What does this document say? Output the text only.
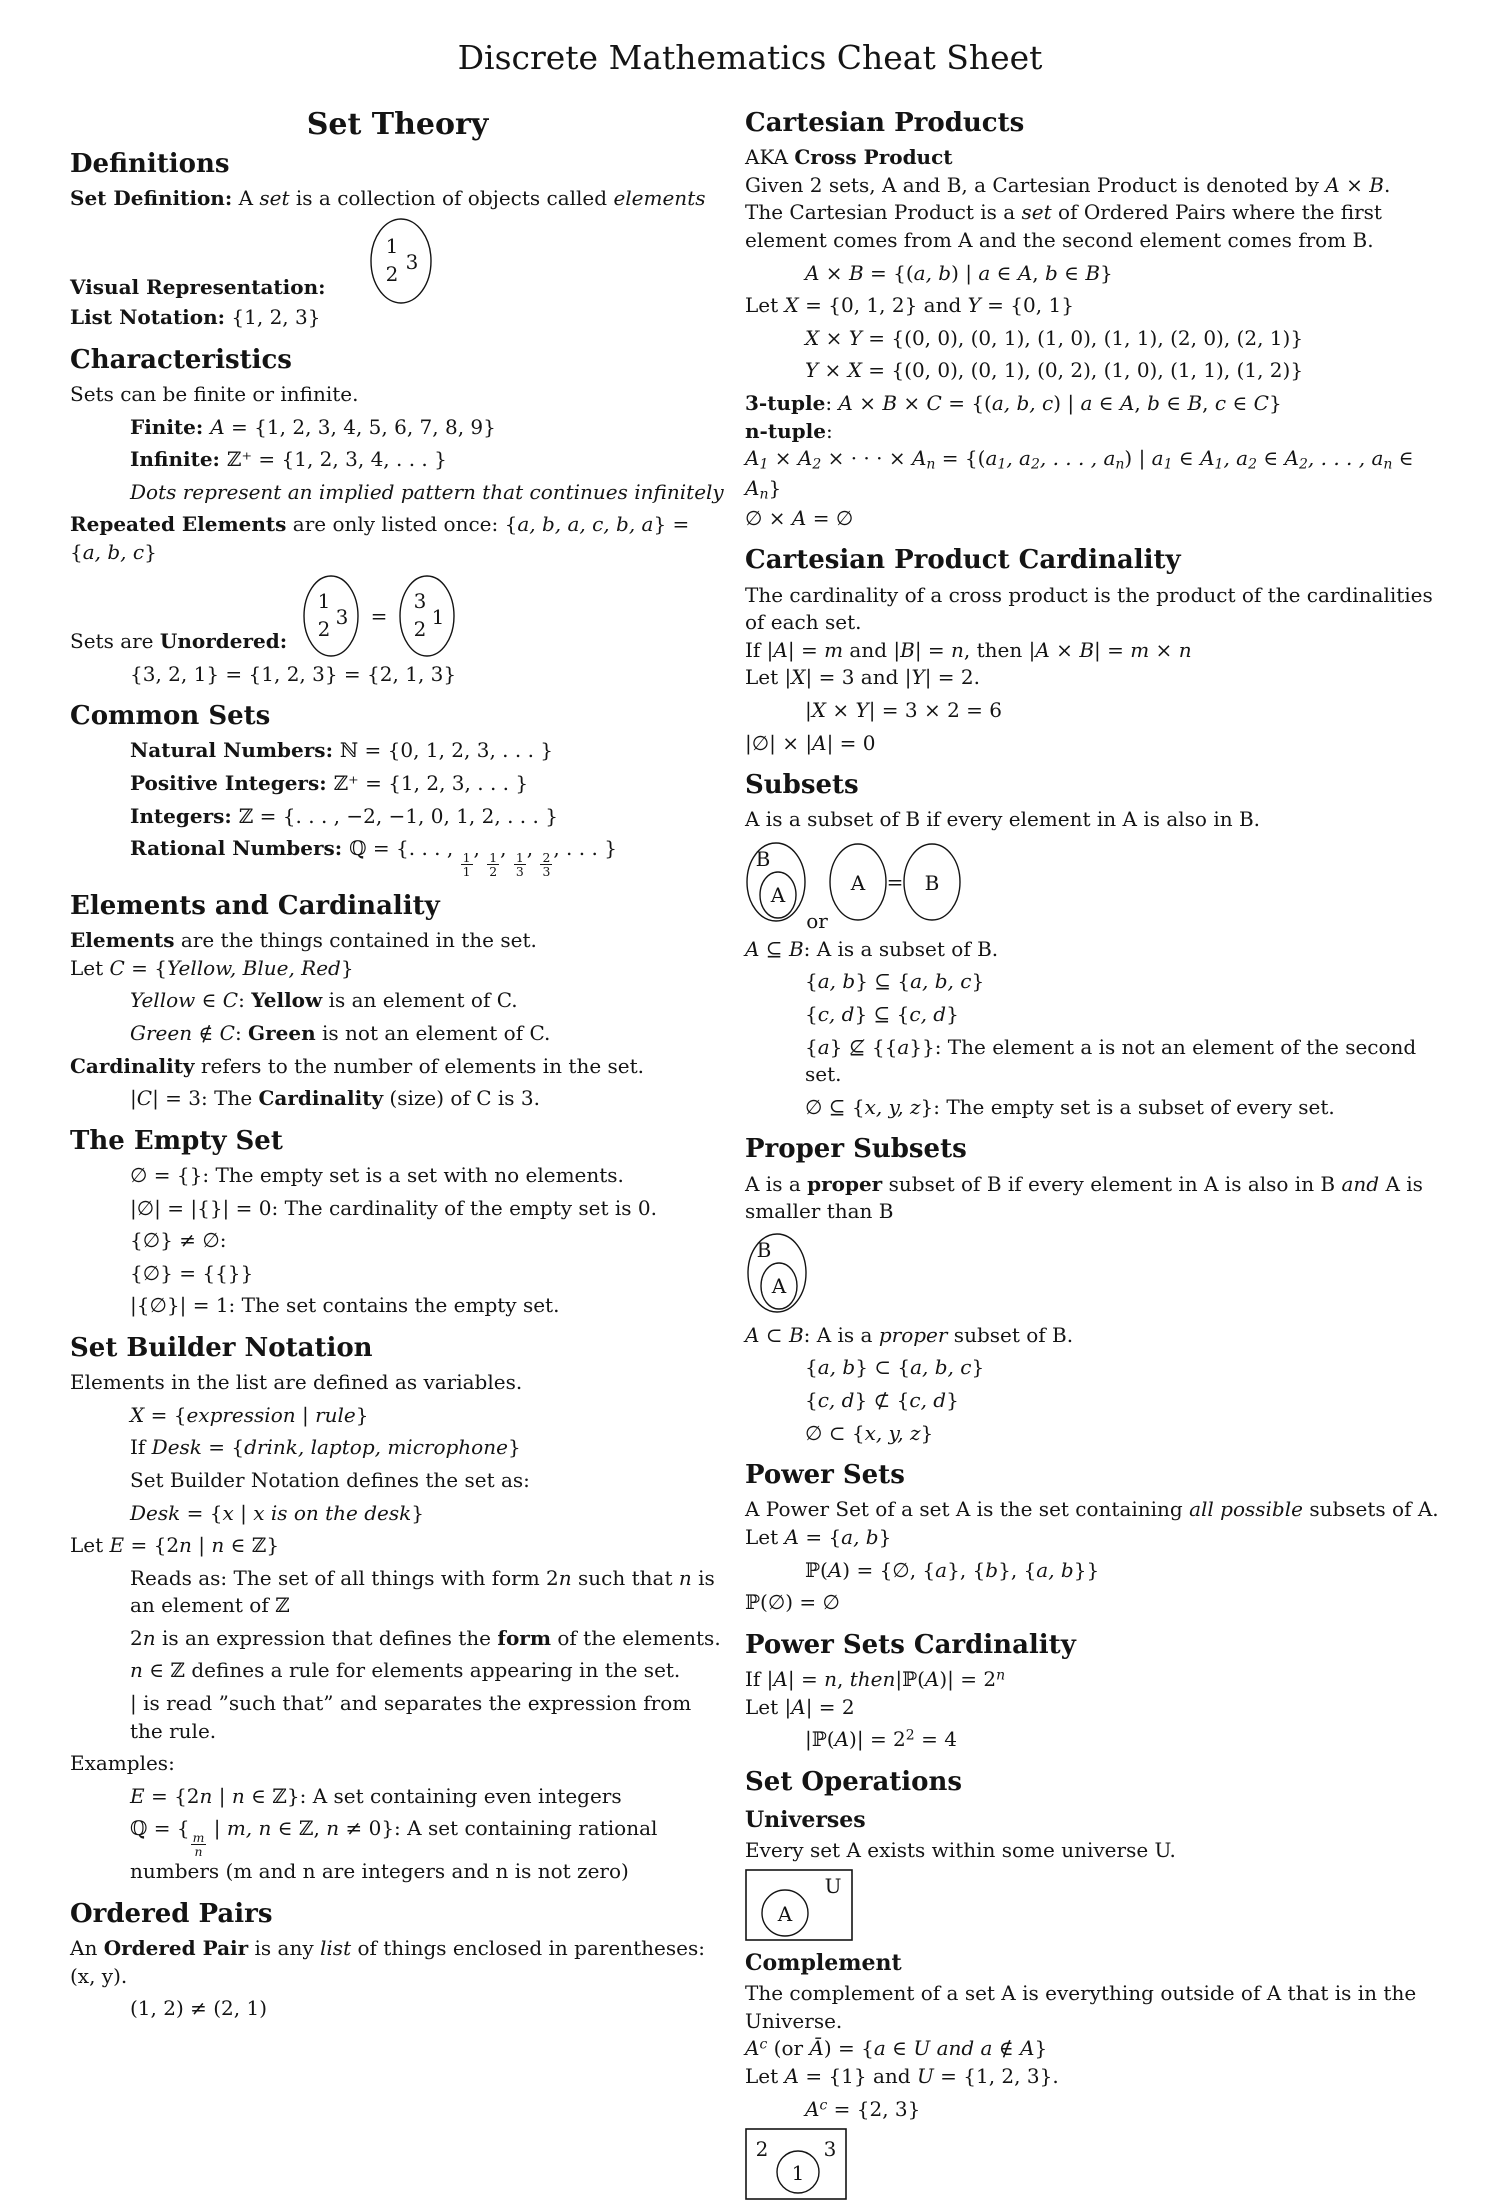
Discrete Mathematics Cheat Sheet
Set Theory
Definitions
Set Definition: A set is a collection of objects called elements
Visual Representation:
1
2 3
List Notation: {1, 2, 3}
Characteristics
Sets can be finite or infinite.
Finite: A = {1, 2, 3, 4, 5, 6, 7, 8, 9}
Infinite: ℤ⁺ = {1, 2, 3, 4, . . . }
Dots represent an implied pattern that continues infinitely
Repeated Elements are only listed once: {a, b, a, c, b, a} = {a, b, c}
Sets are Unordered:
1
2 3 =
3
2 1
{3, 2, 1} = {1, 2, 3} = {2, 1, 3}
Common Sets
Natural Numbers: ℕ = {0, 1, 2, 3, . . . }
Positive Integers: ℤ⁺ = {1, 2, 3, . . . }
Integers: ℤ = {. . . , −2, −1, 0, 1, 2, . . . }
Rational Numbers: ℚ = {. . . ,
$\frac{1}{1}$
,
$\frac{1}{2}$
,
$\frac{1}{3}$
,
$\frac{2}{3}$
, . . . }
Elements and Cardinality
Elements are the things contained in the set.
Let C = {Yellow, Blue, Red}
Yellow ∈ C: Yellow is an element of C.
Green ∉ C: Green is not an element of C.
Cardinality refers to the number of elements in the set.
|C| = 3: The Cardinality (size) of C is 3.
The Empty Set
∅ = {}: The empty set is a set with no elements.
|∅| = |{}| = 0: The cardinality of the empty set is 0.
{∅} ≠ ∅:
{∅} = {{}}
|{∅}| = 1: The set contains the empty set.
Set Builder Notation
Elements in the list are defined as variables.
X = {expression | rule}
If Desk = {drink, laptop, microphone}
Set Builder Notation defines the set as:
Desk = {x | x is on the desk}
Let E = {2n | n ∈ ℤ}
Reads as: The set of all things with form 2n such that n is an element of ℤ
2n is an expression that defines the form of the elements.
n ∈ ℤ defines a rule for elements appearing in the set.
| is read ”such that” and separates the expression from the rule.
Examples:
E = {2n | n ∈ ℤ}: A set containing even integers
ℚ = {
$\frac{m}{n}$
| m, n ∈ ℤ, n ≠ 0}: A set containing rational numbers (m and n are integers and n is not zero)
Ordered Pairs
An Ordered Pair is any list of things enclosed in parentheses: (x, y).
(1, 2) ≠ (2, 1)
Cartesian Products
AKA Cross Product
Given 2 sets, A and B, a Cartesian Product is denoted by A × B.
The Cartesian Product is a set of Ordered Pairs where the first element comes from A and the second element comes from B.
A × B = {(a, b) | a ∈ A, b ∈ B}
Let X = {0, 1, 2} and Y = {0, 1}
X × Y = {(0, 0), (0, 1), (1, 0), (1, 1), (2, 0), (2, 1)}
Y × X = {(0, 0), (0, 1), (0, 2), (1, 0), (1, 1), (1, 2)}
3-tuple: A × B × C = {(a, b, c) | a ∈ A, b ∈ B, c ∈ C}
n-tuple:
A1 × A2 × · · · × An = {(a1, a2, . . . , an) | a1 ∈ A1, a2 ∈ A2, . . . , an ∈ An}
∅ × A = ∅
Cartesian Product Cardinality
The cardinality of a cross product is the product of the cardinalities of each set.
If |A| = m and |B| = n, then |A × B| = m × n
Let |X| = 3 and |Y| = 2.
|X × Y| = 3 × 2 = 6
|∅| × |A| = 0
Subsets
A is a subset of B if every element in A is also in B.
B
A
or
A = B
A ⊆ B: A is a subset of B.
{a, b} ⊆ {a, b, c}
{c, d} ⊆ {c, d}
{a} ⊈ {{a}}: The element a is not an element of the second set.
∅ ⊆ {x, y, z}: The empty set is a subset of every set.
Proper Subsets
A is a proper subset of B if every element in A is also in B and A is smaller than B
B
A
A ⊂ B: A is a proper subset of B.
{a, b} ⊂ {a, b, c}
{c, d} ⊄ {c, d}
∅ ⊂ {x, y, z}
Power Sets
A Power Set of a set A is the set containing all possible subsets of A.
Let A = {a, b}
ℙ(A) = {∅, {a}, {b}, {a, b}}
ℙ(∅) = ∅
Power Sets Cardinality
If |A| = n, then|ℙ(A)| = $2^n$
Let |A| = 2
|ℙ(A)| = $2^2 = 4$
Set Operations
Universes
Every set A exists within some universe U.
U
A
Complement
The complement of a set A is everything outside of A that is in the Universe.
$A^c$ (or Ā) = {a ∈ U and a ∉ A}
Let A = {1} and U = {1, 2, 3}.
$A^c = \{2$, 3}
2	3
1
